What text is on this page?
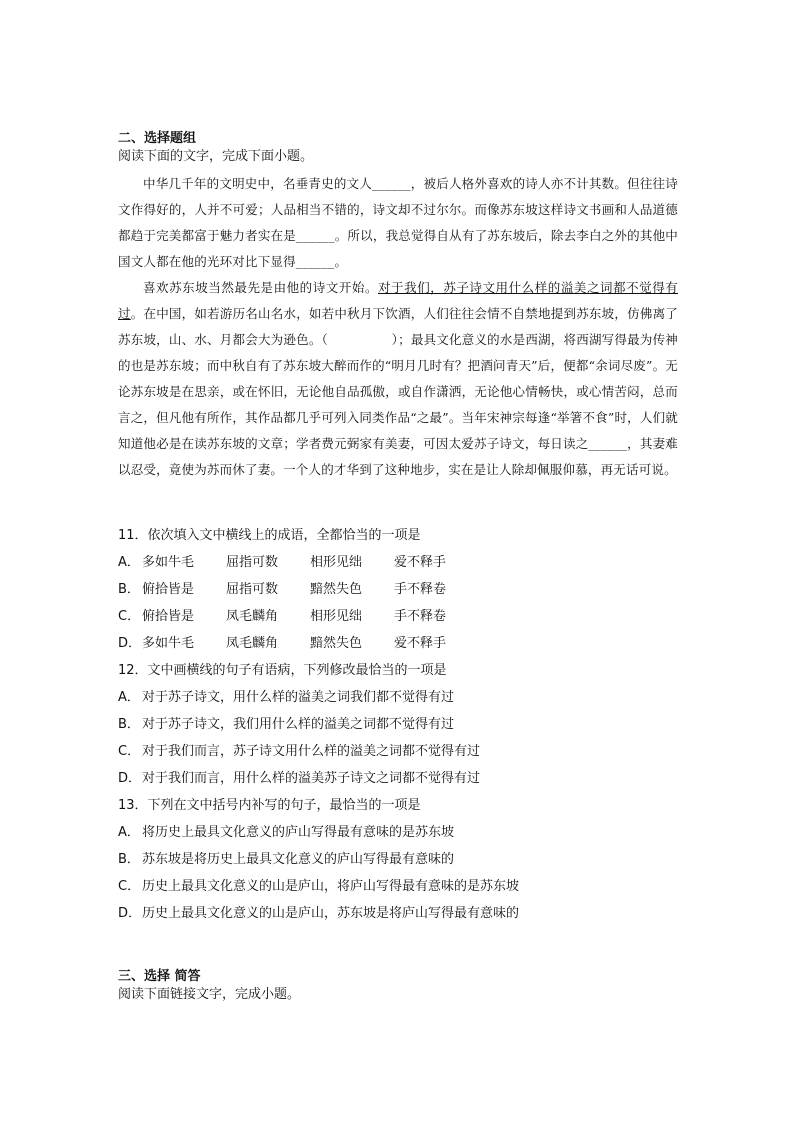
二、选择题组
阅读下面的文字，完成下面小题。

中华几千年的文明史中，名垂青史的文人______，被后人格外喜欢的诗人亦不计其数。但往往诗文作得好的，人并不可爱；人品相当不错的，诗文却不过尔尔。而像苏东坡这样诗文书画和人品道德都趋于完美都富于魅力者实在是______。所以，我总觉得自从有了苏东坡后，除去李白之外的其他中国文人都在他的光环对比下显得______。

喜欢苏东坡当然最先是由他的诗文开始。对于我们，苏子诗文用什么样的溢美之词都不觉得有过。在中国，如若游历名山名水，如若中秋月下饮酒，人们往往会情不自禁地提到苏东坡，仿佛离了苏东坡，山、水、月都会大为逊色。（　　　　　）；最具文化意义的水是西湖，将西湖写得最为传神的也是苏东坡；而中秋自有了苏东坡大醉而作的“明月几时有？把酒问青天”后，便都“余词尽废”。无论苏东坡是在思亲，或在怀旧，无论他自品孤傲，或自作潇洒，无论他心情畅快，或心情苦闷，总而言之，但凡他有所作，其作品都几乎可列入同类作品“之最”。当年宋神宗每逢“举箸不食”时，人们就知道他必是在读苏东坡的文章；学者费元弼家有美妻，可因太爱苏子诗文，每日读之______，其妻难以忍受，竟使为苏而休了妻。一个人的才华到了这种地步，实在是让人除却佩服仰慕，再无话可说。

11．依次填入文中横线上的成语，全都恰当的一项是
A． 多如牛毛 屈指可数 相形见绌 爱不释手
B． 俯拾皆是 屈指可数 黯然失色 手不释卷
C． 俯拾皆是 凤毛麟角 相形见绌 手不释卷
D．多如牛毛 凤毛麟角 黯然失色 爱不释手
12．文中画横线的句子有语病，下列修改最恰当的一项是
A． 对于苏子诗文，用什么样的溢美之词我们都不觉得有过
B． 对于苏子诗文，我们用什么样的溢美之词都不觉得有过
C． 对于我们而言，苏子诗文用什么样的溢美之词都不觉得有过
D．对于我们而言，用什么样的溢美苏子诗文之词都不觉得有过
13．下列在文中括号内补写的句子，最恰当的一项是
A． 将历史上最具文化意义的庐山写得最有意味的是苏东坡
B． 苏东坡是将历史上最具文化意义的庐山写得最有意味的
C． 历史上最具文化意义的山是庐山，将庐山写得最有意味的是苏东坡
D．历史上最具文化意义的山是庐山，苏东坡是将庐山写得最有意味的
三、选择 简答
阅读下面链接文字，完成小题。
